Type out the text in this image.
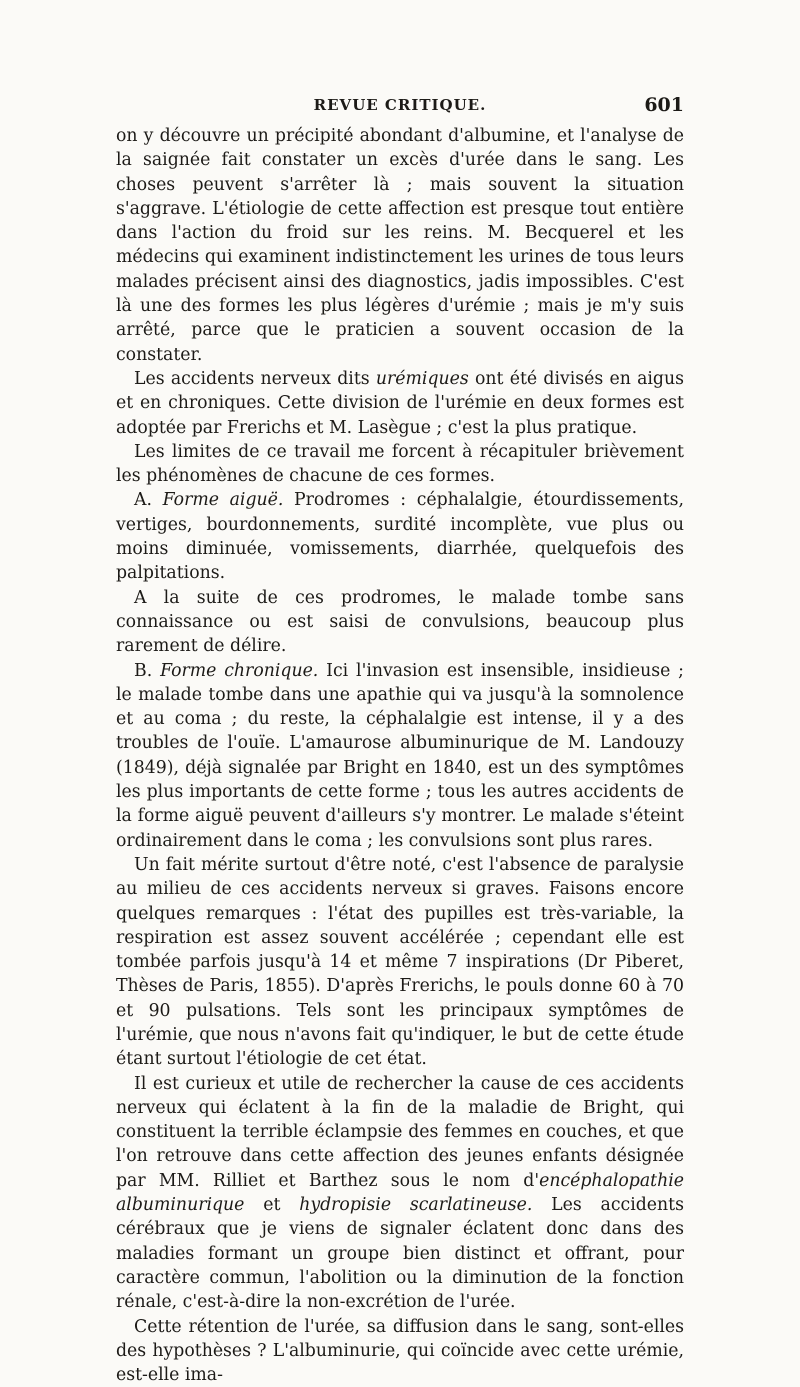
REVUE CRITIQUE.	601

on y découvre un précipité abondant d'albumine, et l'analyse de la saignée fait constater un excès d'urée dans le sang. Les choses peuvent s'arrêter là ; mais souvent la situation s'aggrave. L'étiologie de cette affection est presque tout entière dans l'action du froid sur les reins. M. Becquerel et les médecins qui examinent indistinctement les urines de tous leurs malades précisent ainsi des diagnostics, jadis impossibles. C'est là une des formes les plus légères d'urémie ; mais je m'y suis arrêté, parce que le praticien a souvent occasion de la constater.

Les accidents nerveux dits urémiques ont été divisés en aigus et en chroniques. Cette division de l'urémie en deux formes est adoptée par Frerichs et M. Lasègue ; c'est la plus pratique.

Les limites de ce travail me forcent à récapituler brièvement les phénomènes de chacune de ces formes.

A. Forme aiguë. Prodromes : céphalalgie, étourdissements, vertiges, bourdonnements, surdité incomplète, vue plus ou moins diminuée, vomissements, diarrhée, quelquefois des palpitations.

A la suite de ces prodromes, le malade tombe sans connaissance ou est saisi de convulsions, beaucoup plus rarement de délire.

B. Forme chronique. Ici l'invasion est insensible, insidieuse ; le malade tombe dans une apathie qui va jusqu'à la somnolence et au coma ; du reste, la céphalalgie est intense, il y a des troubles de l'ouïe. L'amaurose albuminurique de M. Landouzy (1849), déjà signalée par Bright en 1840, est un des symptômes les plus importants de cette forme ; tous les autres accidents de la forme aiguë peuvent d'ailleurs s'y montrer. Le malade s'éteint ordinairement dans le coma ; les convulsions sont plus rares.

Un fait mérite surtout d'être noté, c'est l'absence de paralysie au milieu de ces accidents nerveux si graves. Faisons encore quelques remarques : l'état des pupilles est très-variable, la respiration est assez souvent accélérée ; cependant elle est tombée parfois jusqu'à 14 et même 7 inspirations (Dr Piberet, Thèses de Paris, 1855). D'après Frerichs, le pouls donne 60 à 70 et 90 pulsations. Tels sont les principaux symptômes de l'urémie, que nous n'avons fait qu'indiquer, le but de cette étude étant surtout l'étiologie de cet état.

Il est curieux et utile de rechercher la cause de ces accidents nerveux qui éclatent à la fin de la maladie de Bright, qui constituent la terrible éclampsie des femmes en couches, et que l'on retrouve dans cette affection des jeunes enfants désignée par MM. Rilliet et Barthez sous le nom d'encéphalopathie albuminurique et hydropisie scarlatineuse. Les accidents cérébraux que je viens de signaler éclatent donc dans des maladies formant un groupe bien distinct et offrant, pour caractère commun, l'abolition ou la diminution de la fonction rénale, c'est-à-dire la non-excrétion de l'urée.

Cette rétention de l'urée, sa diffusion dans le sang, sont-elles des hypothèses ? L'albuminurie, qui coïncide avec cette urémie, est-elle ima-
